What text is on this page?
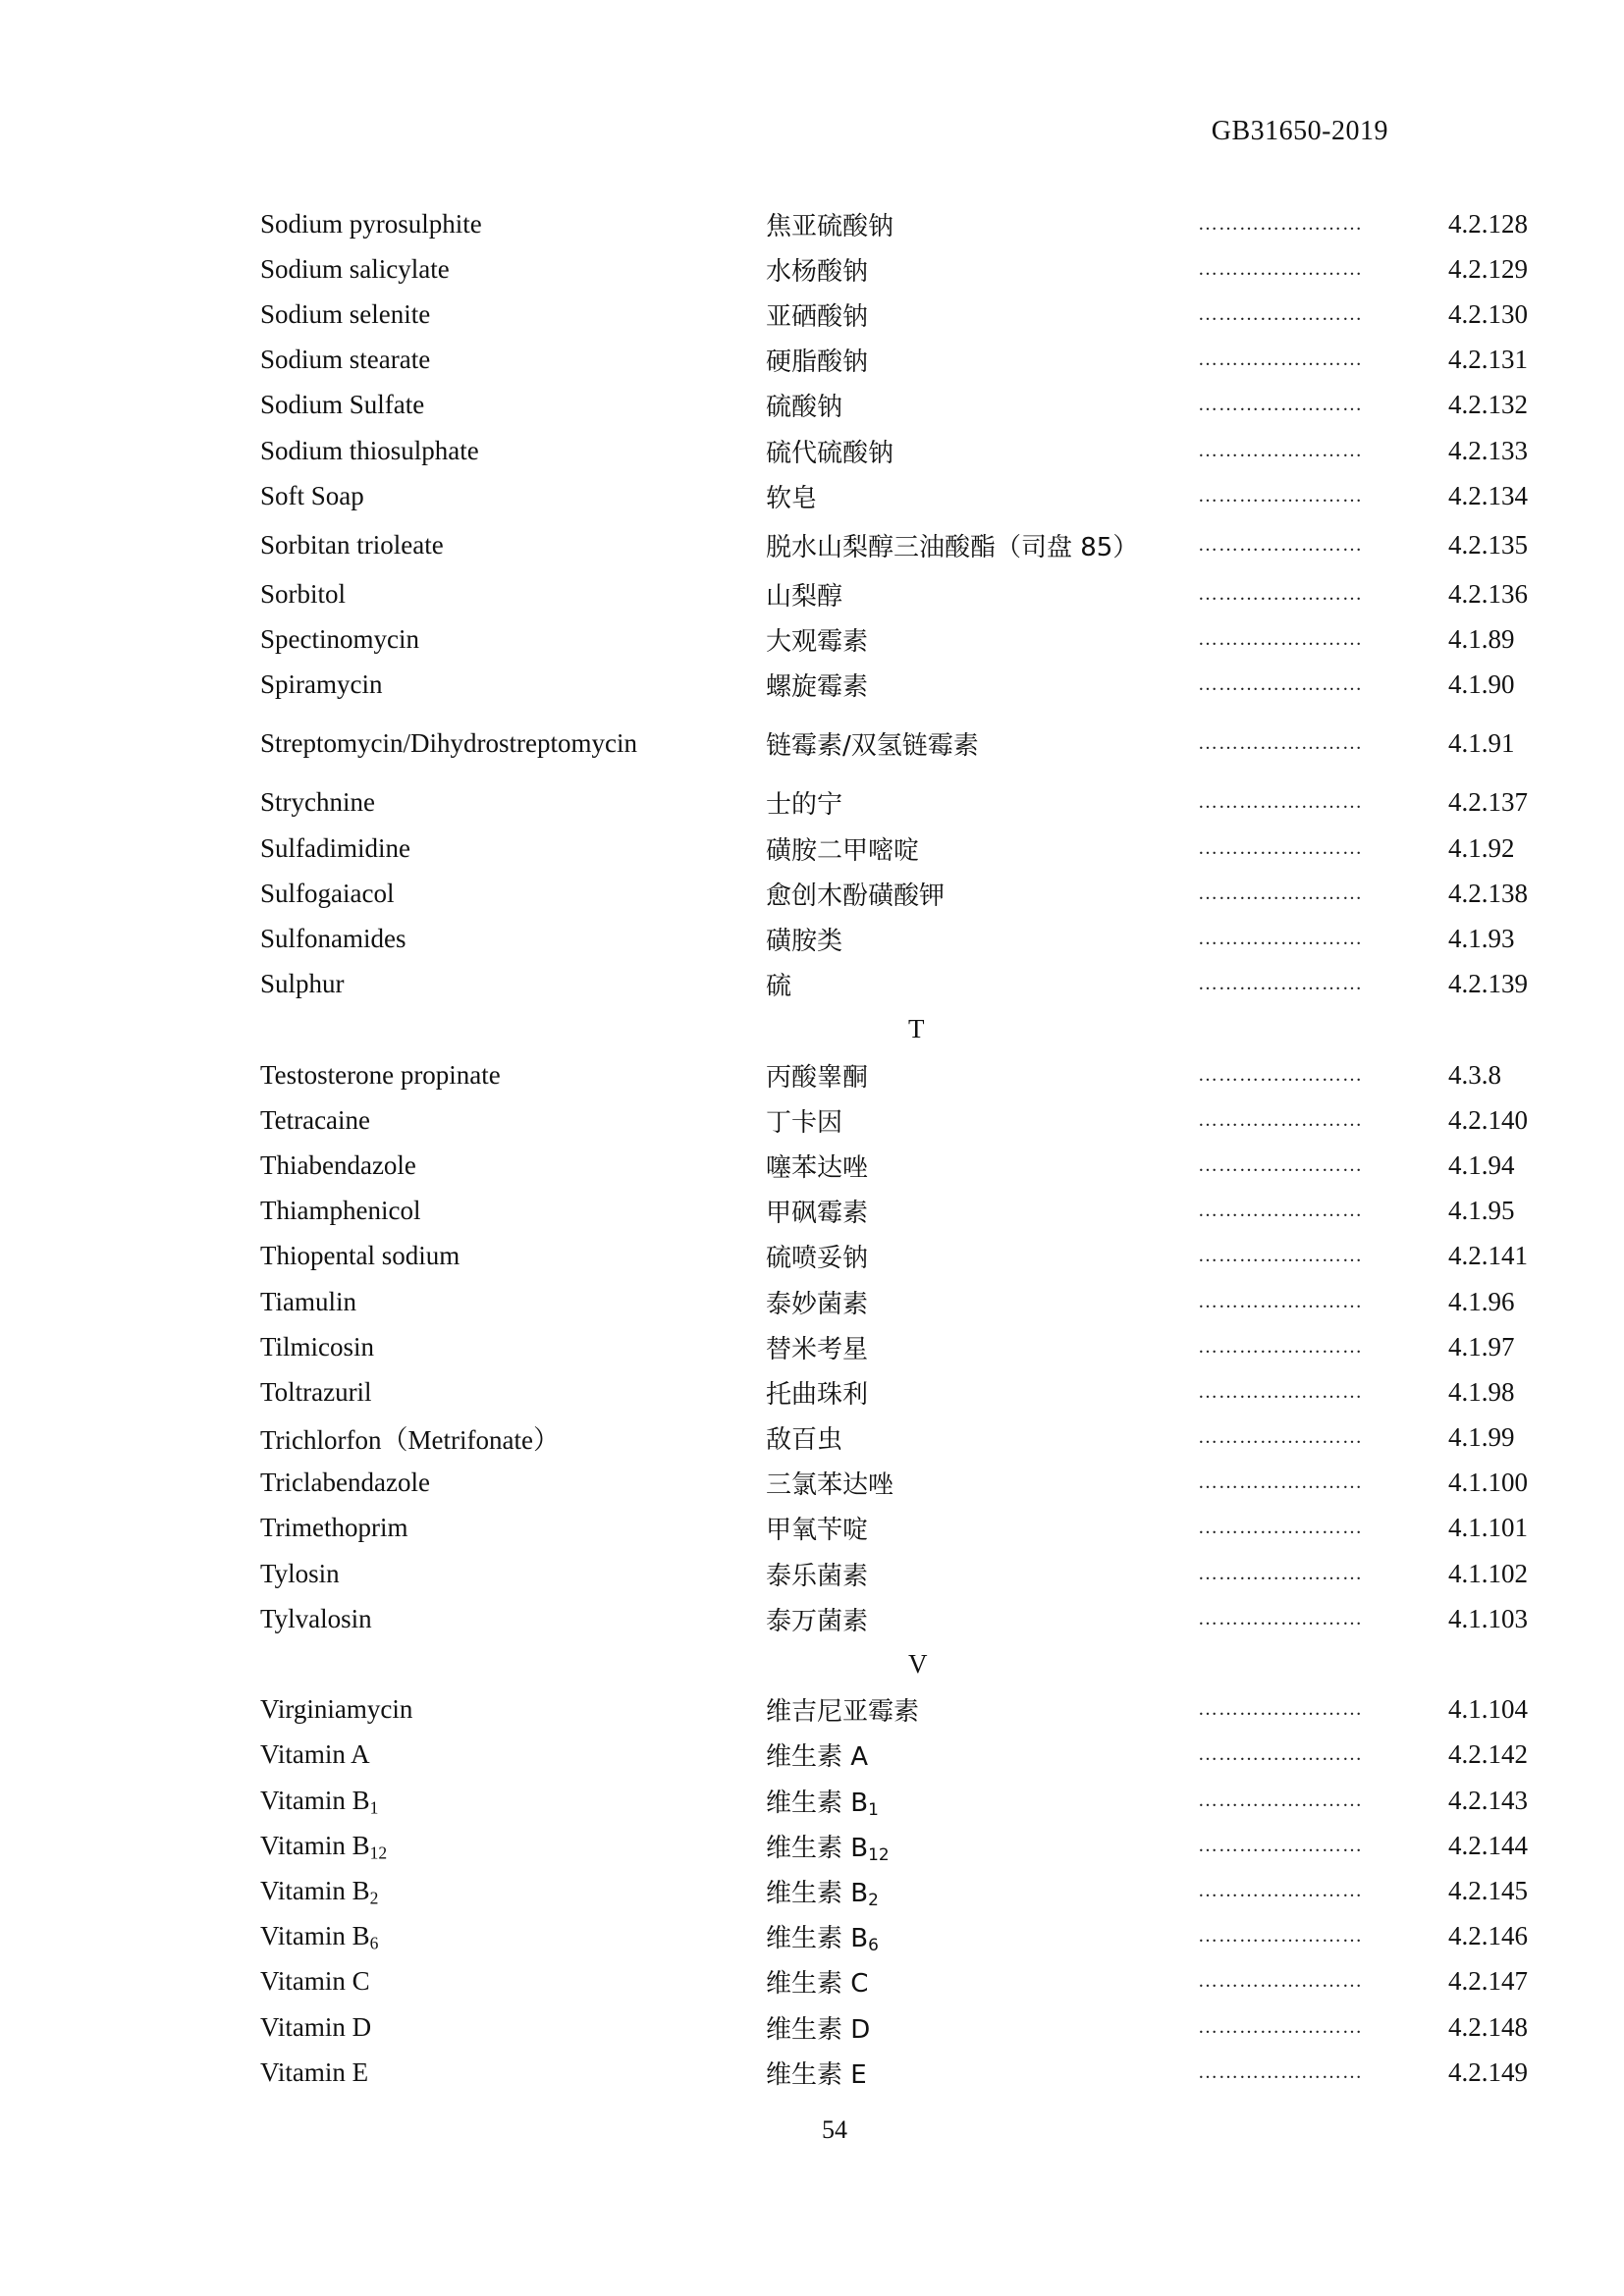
GB31650-2019
Sodium pyrosulphite	焦亚硫酸钠	……………………	4.2.128
Sodium salicylate	水杨酸钠	……………………	4.2.129
Sodium selenite	亚硒酸钠	……………………	4.2.130
Sodium stearate	硬脂酸钠	……………………	4.2.131
Sodium Sulfate	硫酸钠	……………………	4.2.132
Sodium thiosulphate	硫代硫酸钠	……………………	4.2.133
Soft Soap	软皂	……………………	4.2.134
Sorbitan trioleate	脱水山梨醇三油酸酯（司盘 85）	……………………	4.2.135
Sorbitol	山梨醇	……………………	4.2.136
Spectinomycin	大观霉素	……………………	4.1.89
Spiramycin	螺旋霉素	……………………	4.1.90
Streptomycin/Dihydrostreptomycin	链霉素/双氢链霉素	……………………	4.1.91
Strychnine	士的宁	……………………	4.2.137
Sulfadimidine	磺胺二甲嘧啶	……………………	4.1.92
Sulfogaiacol	愈创木酚磺酸钾	……………………	4.2.138
Sulfonamides	磺胺类	……………………	4.1.93
Sulphur	硫	……………………	4.2.139
T
Testosterone propinate	丙酸睾酮	……………………	4.3.8
Tetracaine	丁卡因	……………………	4.2.140
Thiabendazole	噻苯达唑	……………………	4.1.94
Thiamphenicol	甲砜霉素	……………………	4.1.95
Thiopental sodium	硫喷妥钠	……………………	4.2.141
Tiamulin	泰妙菌素	……………………	4.1.96
Tilmicosin	替米考星	……………………	4.1.97
Toltrazuril	托曲珠利	……………………	4.1.98
Trichlorfon（Metrifonate）	敌百虫	……………………	4.1.99
Triclabendazole	三氯苯达唑	……………………	4.1.100
Trimethoprim	甲氧苄啶	……………………	4.1.101
Tylosin	泰乐菌素	……………………	4.1.102
Tylvalosin	泰万菌素	……………………	4.1.103
V
Virginiamycin	维吉尼亚霉素	……………………	4.1.104
Vitamin A	维生素 A	……………………	4.2.142
Vitamin $B_1$	维生素 $B_1$	……………………	4.2.143
Vitamin $B_{12}$	维生素 $B_{12}$	……………………	4.2.144
Vitamin $B_2$	维生素 $B_2$	……………………	4.2.145
Vitamin $B_6$	维生素 $B_6$	……………………	4.2.146
Vitamin C	维生素 C	……………………	4.2.147
Vitamin D	维生素 D	……………………	4.2.148
Vitamin E	维生素 E	……………………	4.2.149
54
